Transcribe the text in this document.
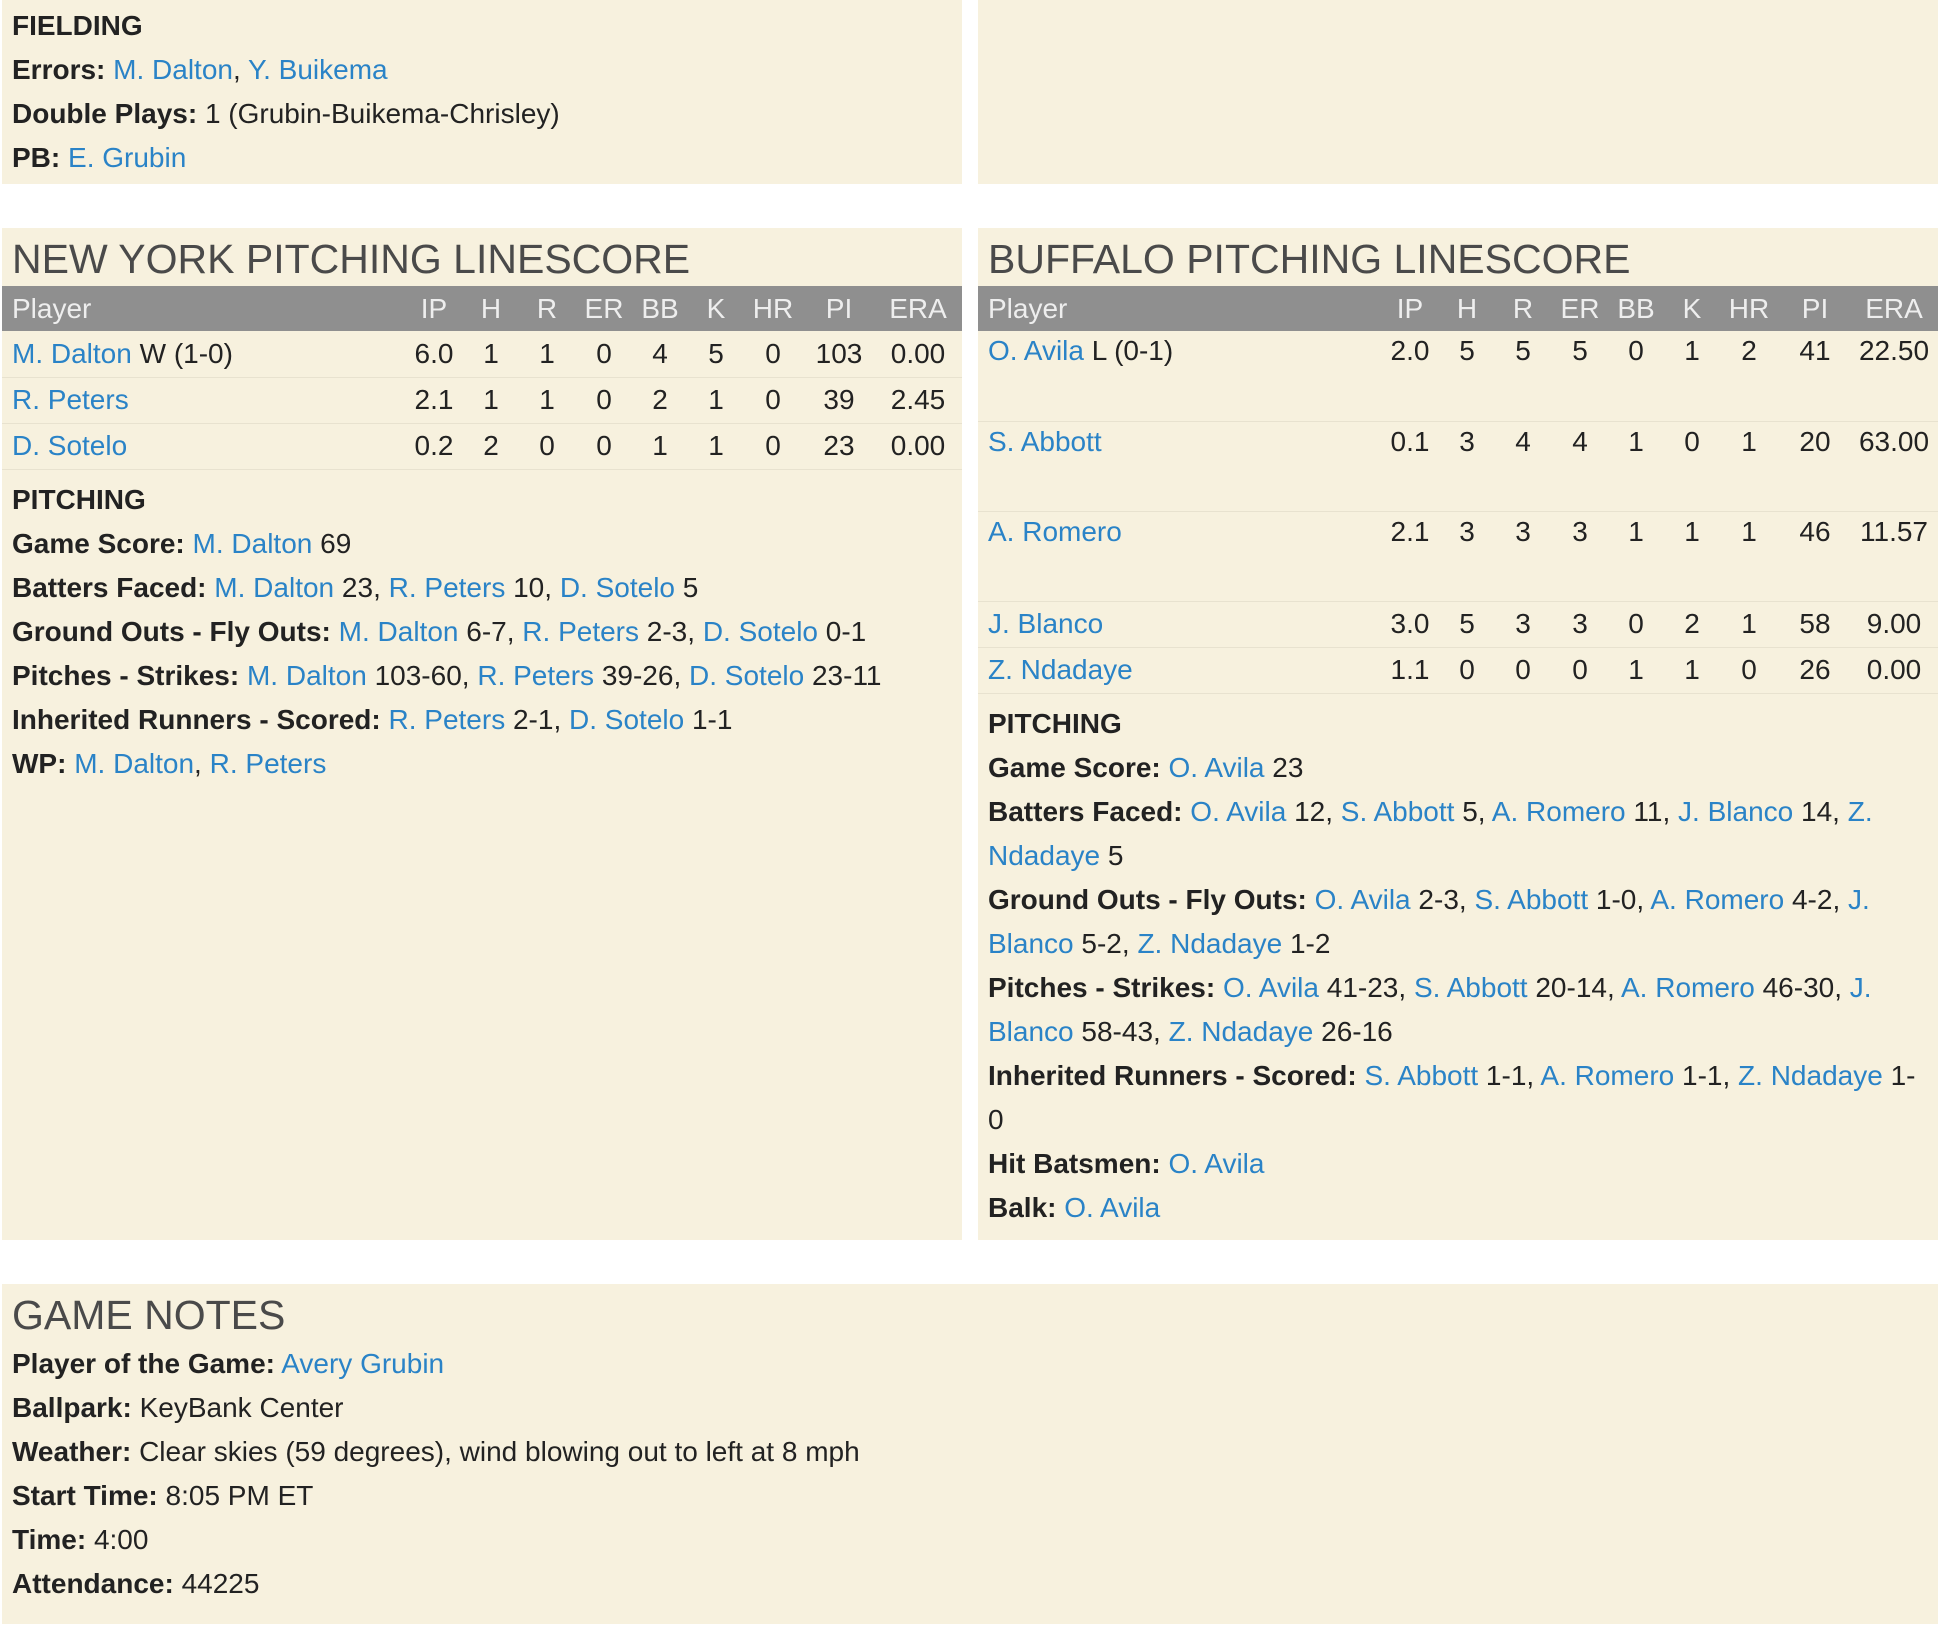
FIELDING
Errors: M. Dalton, Y. Buikema
Double Plays: 1 (Grubin-Buikema-Chrisley)
PB: E. Grubin
NEW YORK PITCHING LINESCORE
Player	IP	H	R	ER	BB	K	HR	PI	ERA
M. Dalton W (1-0)	6.0	1	1	0	4	5	0	103	0.00
R. Peters	2.1	1	1	0	2	1	0	39	2.45
D. Sotelo	0.2	2	0	0	1	1	0	23	0.00
PITCHING
Game Score: M. Dalton 69
Batters Faced: M. Dalton 23, R. Peters 10, D. Sotelo 5
Ground Outs - Fly Outs: M. Dalton 6-7, R. Peters 2-3, D. Sotelo 0-1
Pitches - Strikes: M. Dalton 103-60, R. Peters 39-26, D. Sotelo 23-11
Inherited Runners - Scored: R. Peters 2-1, D. Sotelo 1-1
WP: M. Dalton, R. Peters
BUFFALO PITCHING LINESCORE
Player	IP	H	R	ER	BB	K	HR	PI	ERA
O. Avila L (0-1)	2.0	5	5	5	0	1	2	41	22.50
S. Abbott	0.1	3	4	4	1	0	1	20	63.00
A. Romero	2.1	3	3	3	1	1	1	46	11.57
J. Blanco	3.0	5	3	3	0	2	1	58	9.00
Z. Ndadaye	1.1	0	0	0	1	1	0	26	0.00
PITCHING
Game Score: O. Avila 23
Batters Faced: O. Avila 12, S. Abbott 5, A. Romero 11, J. Blanco 14, Z. Ndadaye 5
Ground Outs - Fly Outs: O. Avila 2-3, S. Abbott 1-0, A. Romero 4-2, J. Blanco 5-2, Z. Ndadaye 1-2
Pitches - Strikes: O. Avila 41-23, S. Abbott 20-14, A. Romero 46-30, J. Blanco 58-43, Z. Ndadaye 26-16
Inherited Runners - Scored: S. Abbott 1-1, A. Romero 1-1, Z. Ndadaye 1-0
Hit Batsmen: O. Avila
Balk: O. Avila
GAME NOTES
Player of the Game: Avery Grubin
Ballpark: KeyBank Center
Weather: Clear skies (59 degrees), wind blowing out to left at 8 mph
Start Time: 8:05 PM ET
Time: 4:00
Attendance: 44225
